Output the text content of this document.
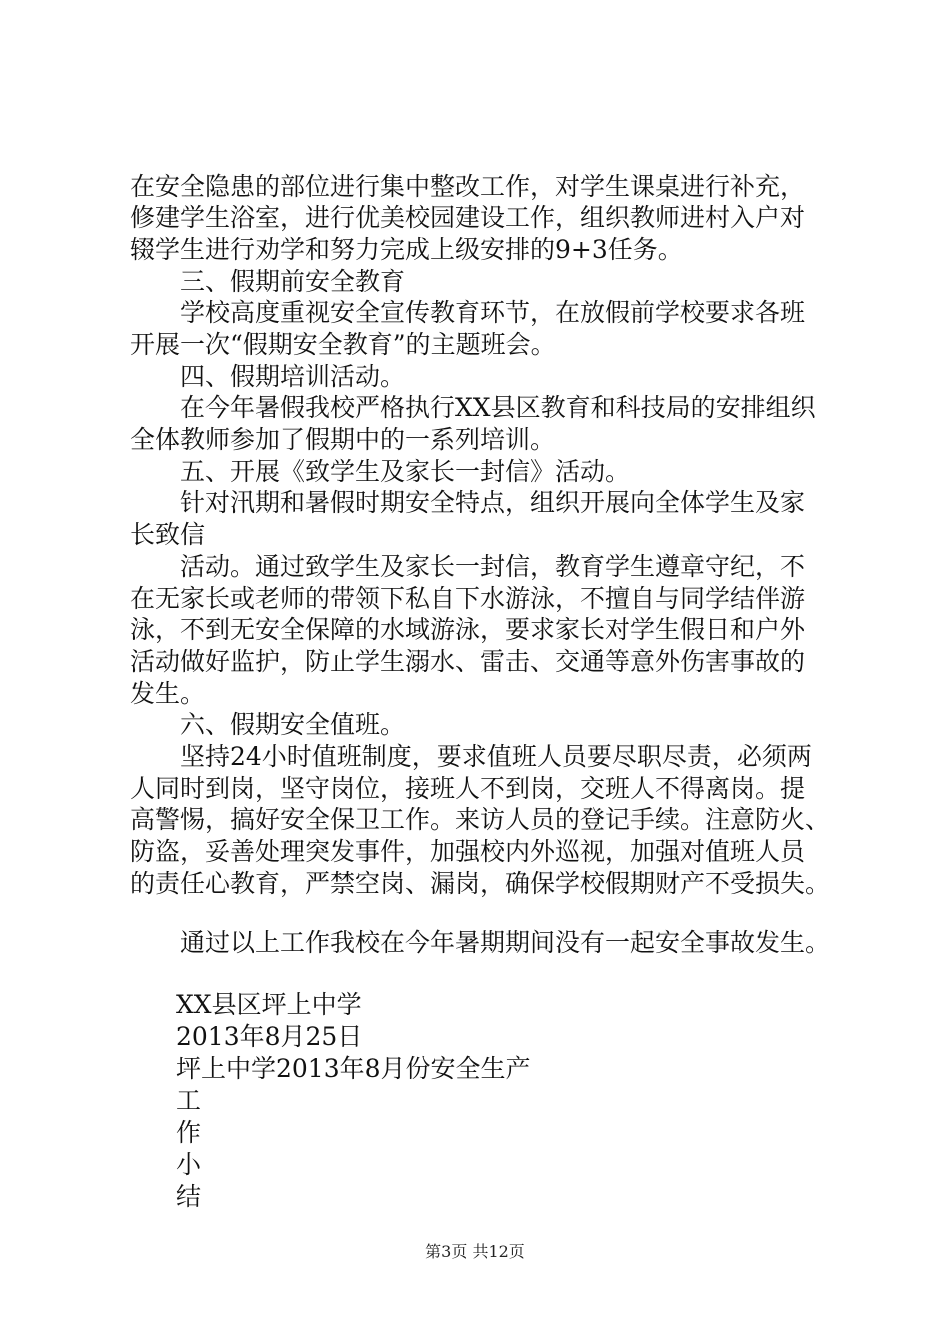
在安全隐患的部位进行集中整改工作，对学生课桌进行补充，
修建学生浴室，进行优美校园建设工作，组织教师进村入户对
辍学生进行劝学和努力完成上级安排的9+3任务。
三、假期前安全教育
学校高度重视安全宣传教育环节，在放假前学校要求各班
开展一次“假期安全教育”的主题班会。
四、假期培训活动。
在今年暑假我校严格执行XX县区教育和科技局的安排组织
全体教师参加了假期中的一系列培训。
五、开展《致学生及家长一封信》活动。
针对汛期和暑假时期安全特点，组织开展向全体学生及家
长致信
活动。通过致学生及家长一封信，教育学生遵章守纪，不
在无家长或老师的带领下私自下水游泳，不擅自与同学结伴游
泳，不到无安全保障的水域游泳，要求家长对学生假日和户外
活动做好监护，防止学生溺水、雷击、交通等意外伤害事故的
发生。
六、假期安全值班。
坚持24小时值班制度，要求值班人员要尽职尽责，必须两
人同时到岗，坚守岗位，接班人不到岗，交班人不得离岗。提
高警惕，搞好安全保卫工作。来访人员的登记手续。注意防火、
防盗，妥善处理突发事件，加强校内外巡视，加强对值班人员
的责任心教育，严禁空岗、漏岗，确保学校假期财产不受损失。
通过以上工作我校在今年暑期期间没有一起安全事故发生。
XX县区坪上中学
2013年8月25日
坪上中学2013年8月份安全生产
工
作
小
结
第3页 共12页
